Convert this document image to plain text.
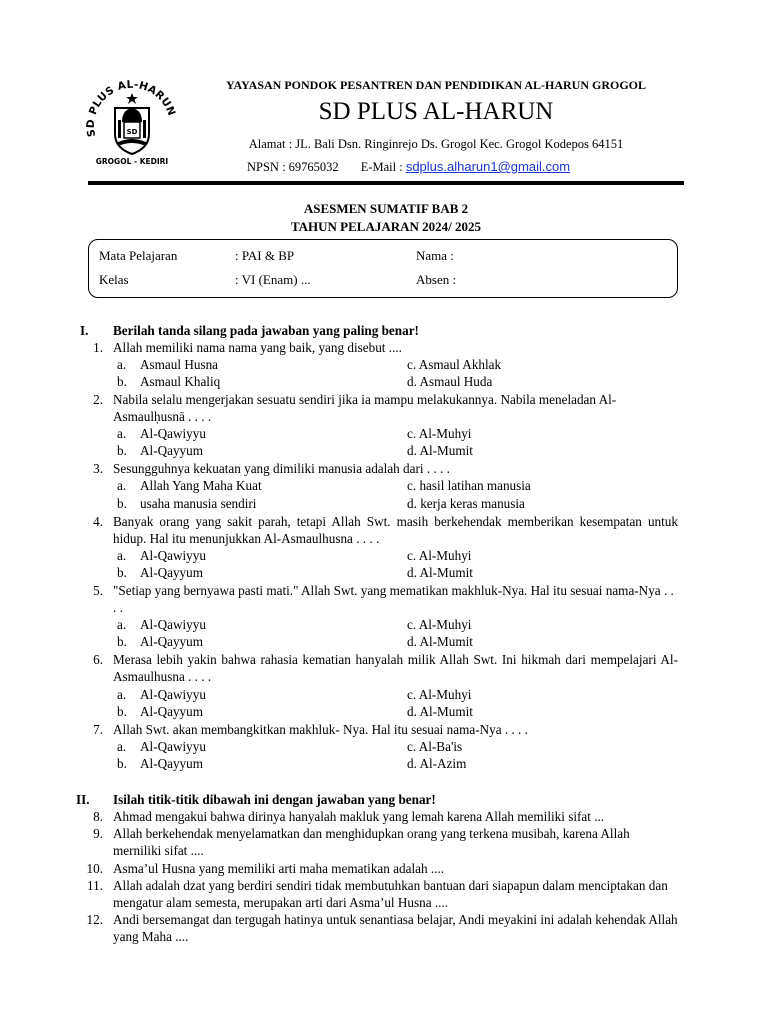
SD PLUS AL-HARUN
SD
GROGOL - KEDIRI
YAYASAN PONDOK PESANTREN DAN PENDIDIKAN AL-HARUN GROGOL
SD PLUS AL-HARUN
Alamat : JL. Bali Dsn. Ringinrejo Ds. Grogol Kec. Grogol Kodepos 64151
NPSN : 69765032 E-Mail : sdplus.alharun1@gmail.com
ASESMEN SUMATIF BAB 2
TAHUN PELAJARAN 2024/ 2025
Mata Pelajaran	: PAI & BP	Nama :
Kelas	: VI (Enam) ...	Absen :
I. Berilah tanda silang pada jawaban yang paling benar!
1. Allah memiliki nama nama yang baik, yang disebut ....
a. Asmaul Husna	c. Asmaul Akhlak
b. Asmaul Khaliq	d. Asmaul Huda
2. Nabila selalu mengerjakan sesuatu sendiri jika ia mampu melakukannya. Nabila meneladan Al-Asmaulḥusnā . . . .
a. Al-Qawiyyu	c. Al-Muhyi
b. Al-Qayyum	d. Al-Mumit
3. Sesungguhnya kekuatan yang dimiliki manusia adalah dari . . . .
a. Allah Yang Maha Kuat	c. hasil latihan manusia
b. usaha manusia sendiri	d. kerja keras manusia
4. Banyak orang yang sakit parah, tetapi Allah Swt. masih berkehendak memberikan kesempatan untuk hidup. Hal itu menunjukkan Al-Asmaulhusna . . . .
a. Al-Qawiyyu	c. Al-Muhyi
b. Al-Qayyum	d. Al-Mumit
5. "Setiap yang bernyawa pasti mati." Allah Swt. yang mematikan makhluk-Nya. Hal itu sesuai nama-Nya . . . .
a. Al-Qawiyyu	c. Al-Muhyi
b. Al-Qayyum	d. Al-Mumit
6. Merasa lebih yakin bahwa rahasia kematian hanyalah milik Allah Swt. Ini hikmah dari mempelajari Al-Asmaulhusna . . . .
a. Al-Qawiyyu	c. Al-Muhyi
b. Al-Qayyum	d. Al-Mumit
7. Allah Swt. akan membangkitkan makhluk- Nya. Hal itu sesuai nama-Nya . . . .
a. Al-Qawiyyu	c. Al-Ba'is
b. Al-Qayyum	d. Al-Azim
II. Isilah titik-titik dibawah ini dengan jawaban yang benar!
8. Ahmad mengakui bahwa dirinya hanyalah makluk yang lemah karena Allah memiliki sifat ...
9. Allah berkehendak menyelamatkan dan menghidupkan orang yang terkena musibah, karena Allah merniliki sifat ....
10. Asma’ul Husna yang memiliki arti maha mematikan adalah ....
11. Allah adalah dzat yang berdiri sendiri tidak membutuhkan bantuan dari siapapun dalam menciptakan dan mengatur alam semesta, merupakan arti dari Asma’ul Husna ....
12. Andi bersemangat dan tergugah hatinya untuk senantiasa belajar, Andi meyakini ini adalah kehendak Allah yang Maha ....
